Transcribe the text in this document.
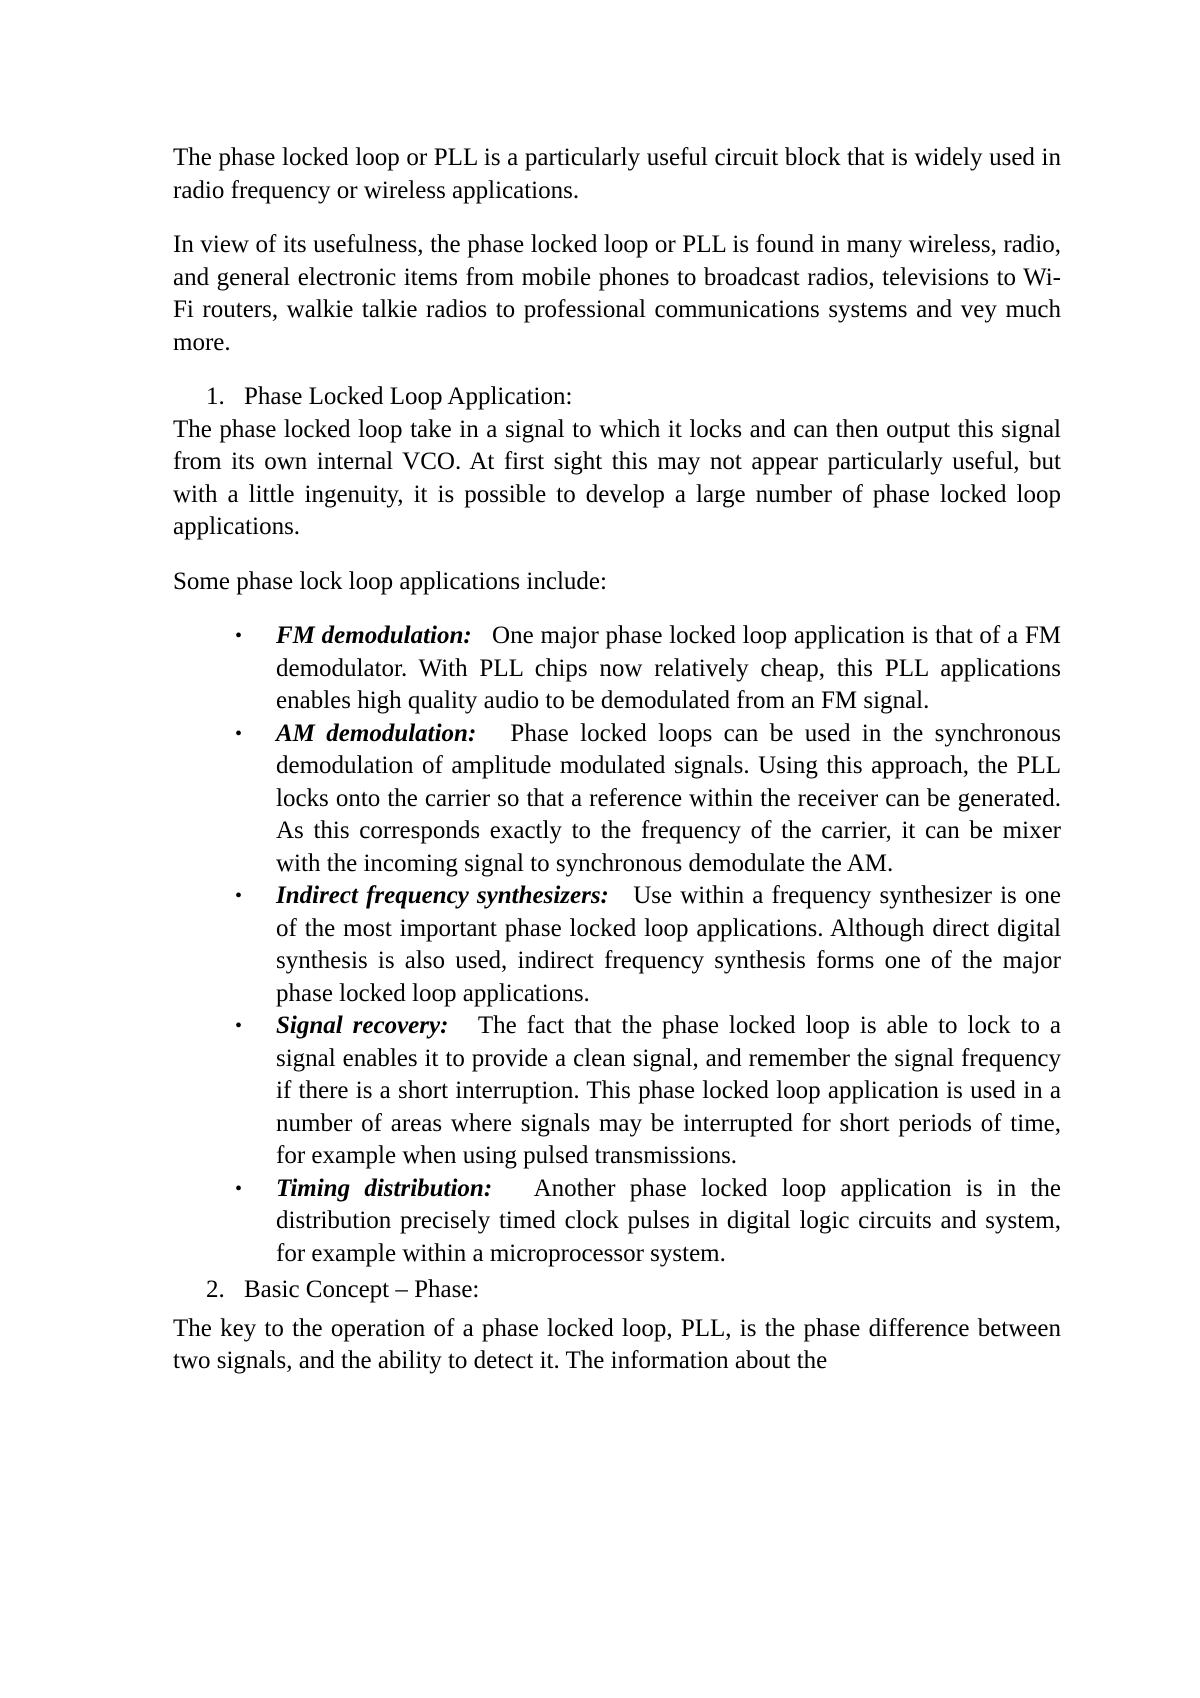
The phase locked loop or PLL is a particularly useful circuit block that is widely used in radio frequency or wireless applications.

In view of its usefulness, the phase locked loop or PLL is found in many wireless, radio, and general electronic items from mobile phones to broadcast radios, televisions to Wi-Fi routers, walkie talkie radios to professional communications systems and vey much more.

1. Phase Locked Loop Application:

The phase locked loop take in a signal to which it locks and can then output this signal from its own internal VCO. At first sight this may not appear particularly useful, but with a little ingenuity, it is possible to develop a large number of phase locked loop applications.

Some phase lock loop applications include:

• FM demodulation: One major phase locked loop application is that of a FM demodulator. With PLL chips now relatively cheap, this PLL applications enables high quality audio to be demodulated from an FM signal.
• AM demodulation: Phase locked loops can be used in the synchronous demodulation of amplitude modulated signals. Using this approach, the PLL locks onto the carrier so that a reference within the receiver can be generated. As this corresponds exactly to the frequency of the carrier, it can be mixer with the incoming signal to synchronous demodulate the AM.
• Indirect frequency synthesizers: Use within a frequency synthesizer is one of the most important phase locked loop applications. Although direct digital synthesis is also used, indirect frequency synthesis forms one of the major phase locked loop applications.
• Signal recovery: The fact that the phase locked loop is able to lock to a signal enables it to provide a clean signal, and remember the signal frequency if there is a short interruption. This phase locked loop application is used in a number of areas where signals may be interrupted for short periods of time, for example when using pulsed transmissions.
• Timing distribution: Another phase locked loop application is in the distribution precisely timed clock pulses in digital logic circuits and system, for example within a microprocessor system.
2. Basic Concept – Phase:

The key to the operation of a phase locked loop, PLL, is the phase difference between two signals, and the ability to detect it. The information about the
